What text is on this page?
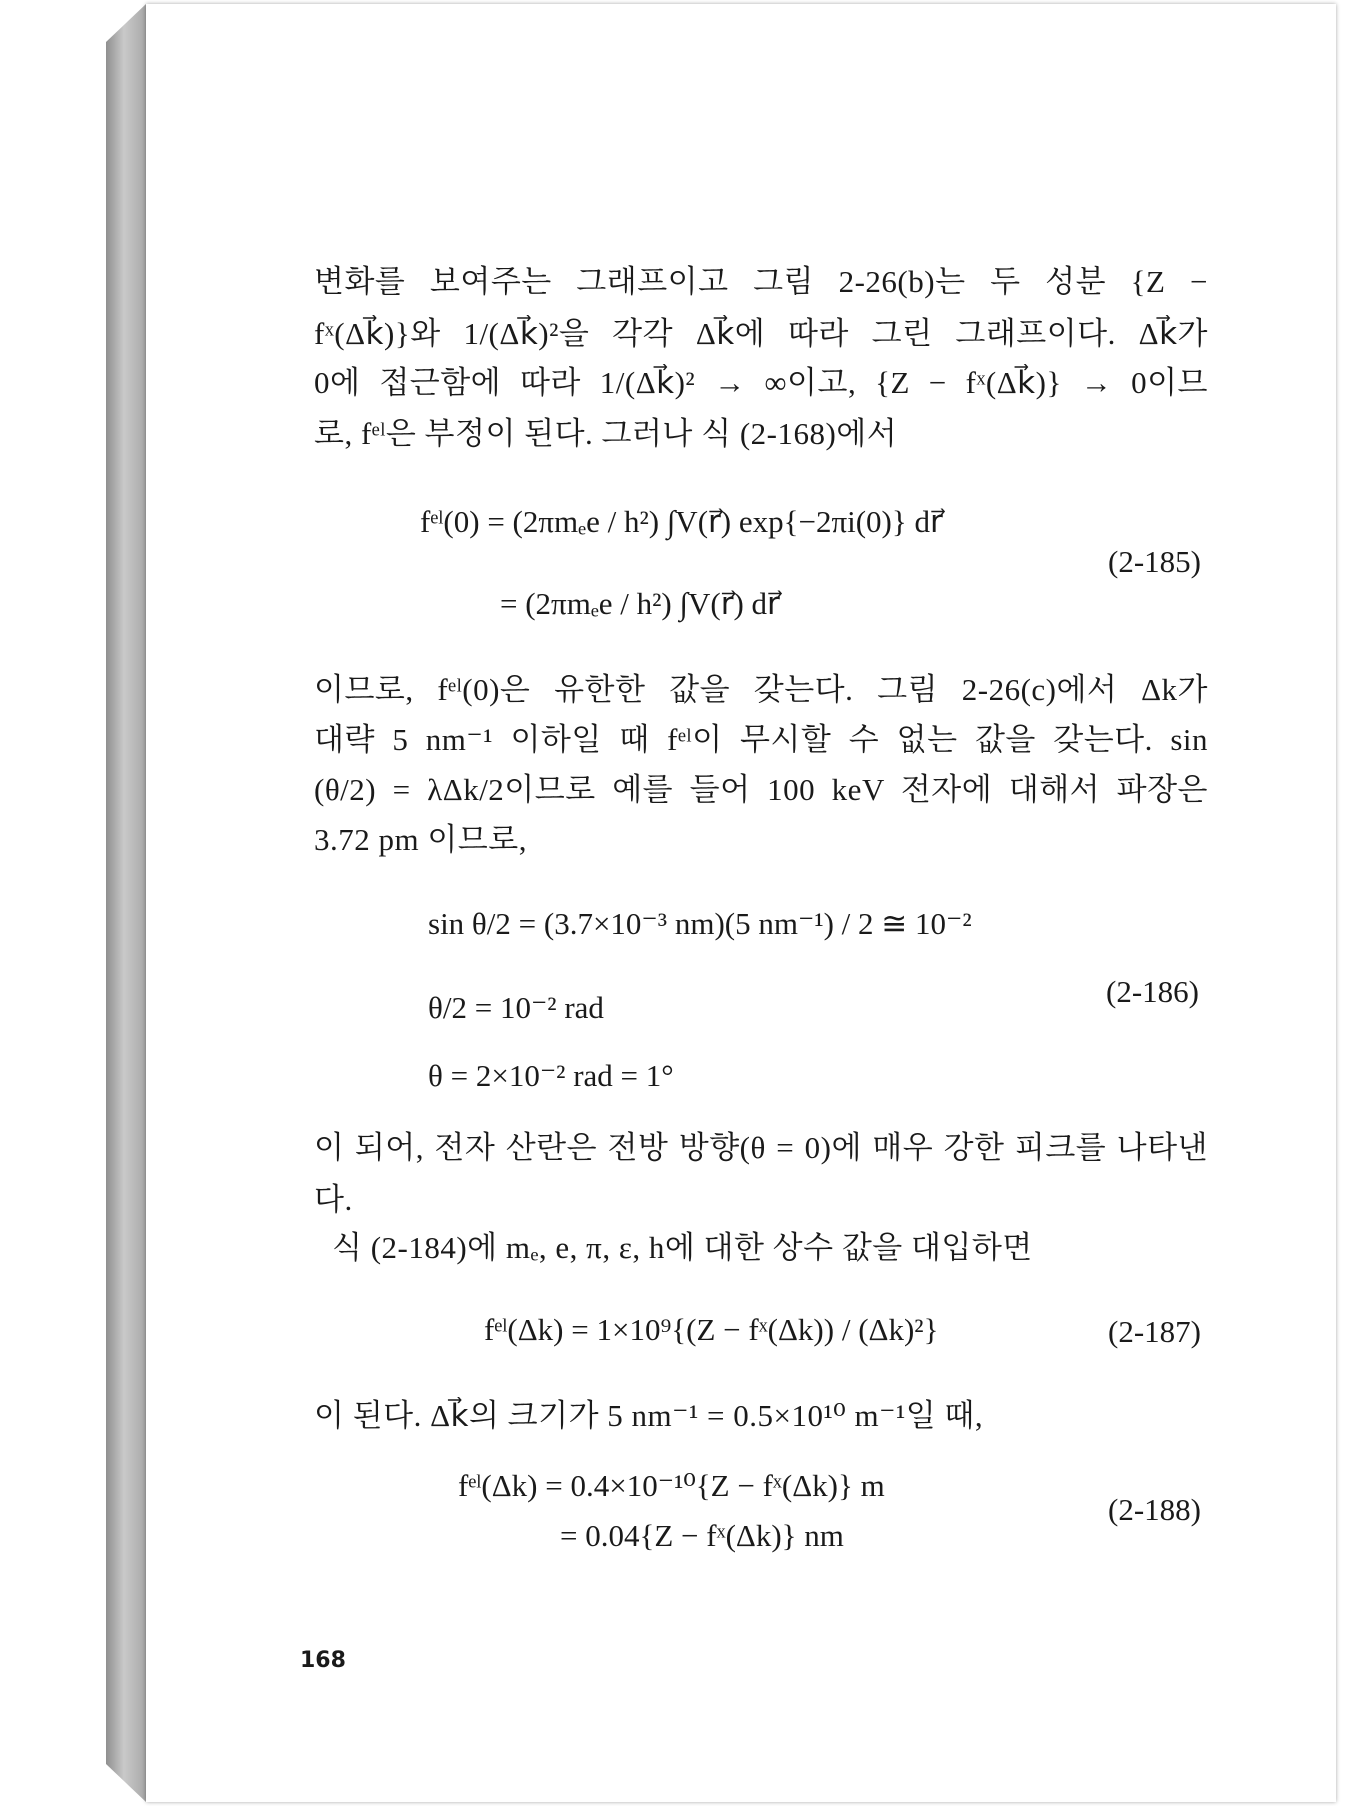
변화를 보여주는 그래프이고 그림 2-26(b)는 두 성분 {Z −
fˣ(Δk⃗)}와 1/(Δk⃗)²을 각각 Δk⃗에 따라 그린 그래프이다. Δk⃗가
0에 접근함에 따라 1/(Δk⃗)² → ∞이고, {Z − fˣ(Δk⃗)} → 0이므
로, fᵉˡ은 부정이 된다. 그러나 식 (2-168)에서
fᵉˡ(0) = (2πmₑe / h²) ∫V(r⃗) exp{−2πi(0)} dr⃗
= (2πmₑe / h²) ∫V(r⃗) dr⃗
(2-185)
이므로, fᵉˡ(0)은 유한한 값을 갖는다. 그림 2-26(c)에서 Δk가
대략 5 nm⁻¹ 이하일 때 fᵉˡ이 무시할 수 없는 값을 갖는다. sin
(θ/2) = λΔk/2이므로 예를 들어 100 keV 전자에 대해서 파장은
3.72 pm 이므로,
sin θ/2 = (3.7×10⁻³ nm)(5 nm⁻¹) / 2 ≅ 10⁻²
θ/2 = 10⁻² rad
θ = 2×10⁻² rad = 1°
(2-186)
이 되어, 전자 산란은 전방 방향(θ = 0)에 매우 강한 피크를 나타낸
다.
식 (2-184)에 mₑ, e, π, ε, h에 대한 상수 값을 대입하면
fᵉˡ(Δk) = 1×10⁹{(Z − fˣ(Δk)) / (Δk)²}	(2-187)
이 된다. Δk⃗의 크기가 5 nm⁻¹ = 0.5×10¹⁰ m⁻¹일 때,
fᵉˡ(Δk) = 0.4×10⁻¹⁰{Z − fˣ(Δk)} m
= 0.04{Z − fˣ(Δk)} nm
(2-188)
168
